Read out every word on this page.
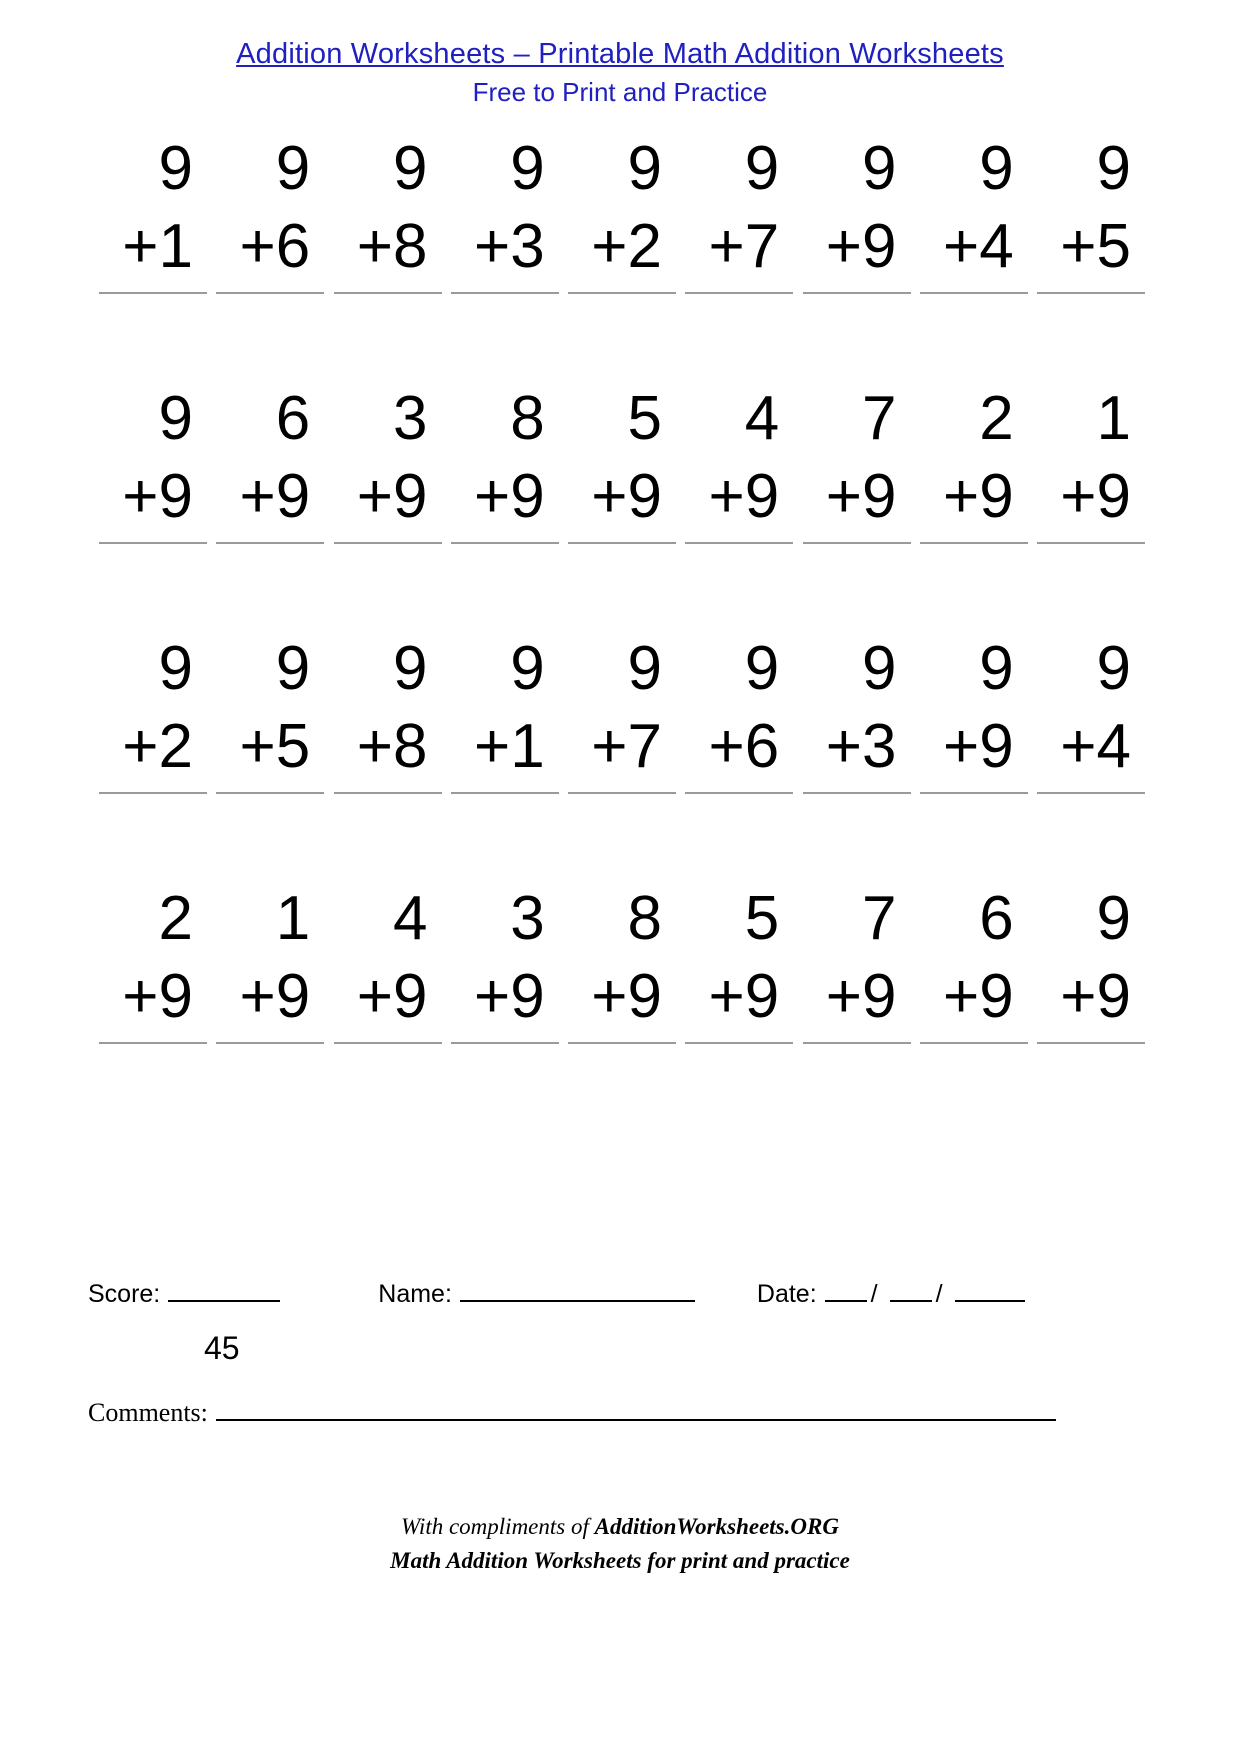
Addition Worksheets – Printable Math Addition Worksheets
Free to Print and Practice
9
+1
9
+6
9
+8
9
+3
9
+2
9
+7
9
+9
9
+4
9
+5
9
+9
6
+9
3
+9
8
+9
5
+9
4
+9
7
+9
2
+9
1
+9
9
+2
9
+5
9
+8
9
+1
9
+7
9
+6
9
+3
9
+9
9
+4
2
+9
1
+9
4
+9
3
+9
8
+9
5
+9
7
+9
6
+9
9
+9
Score:	Name:	Date: / /
45
Comments:
With compliments of AdditionWorksheets.ORG
Math Addition Worksheets for print and practice
